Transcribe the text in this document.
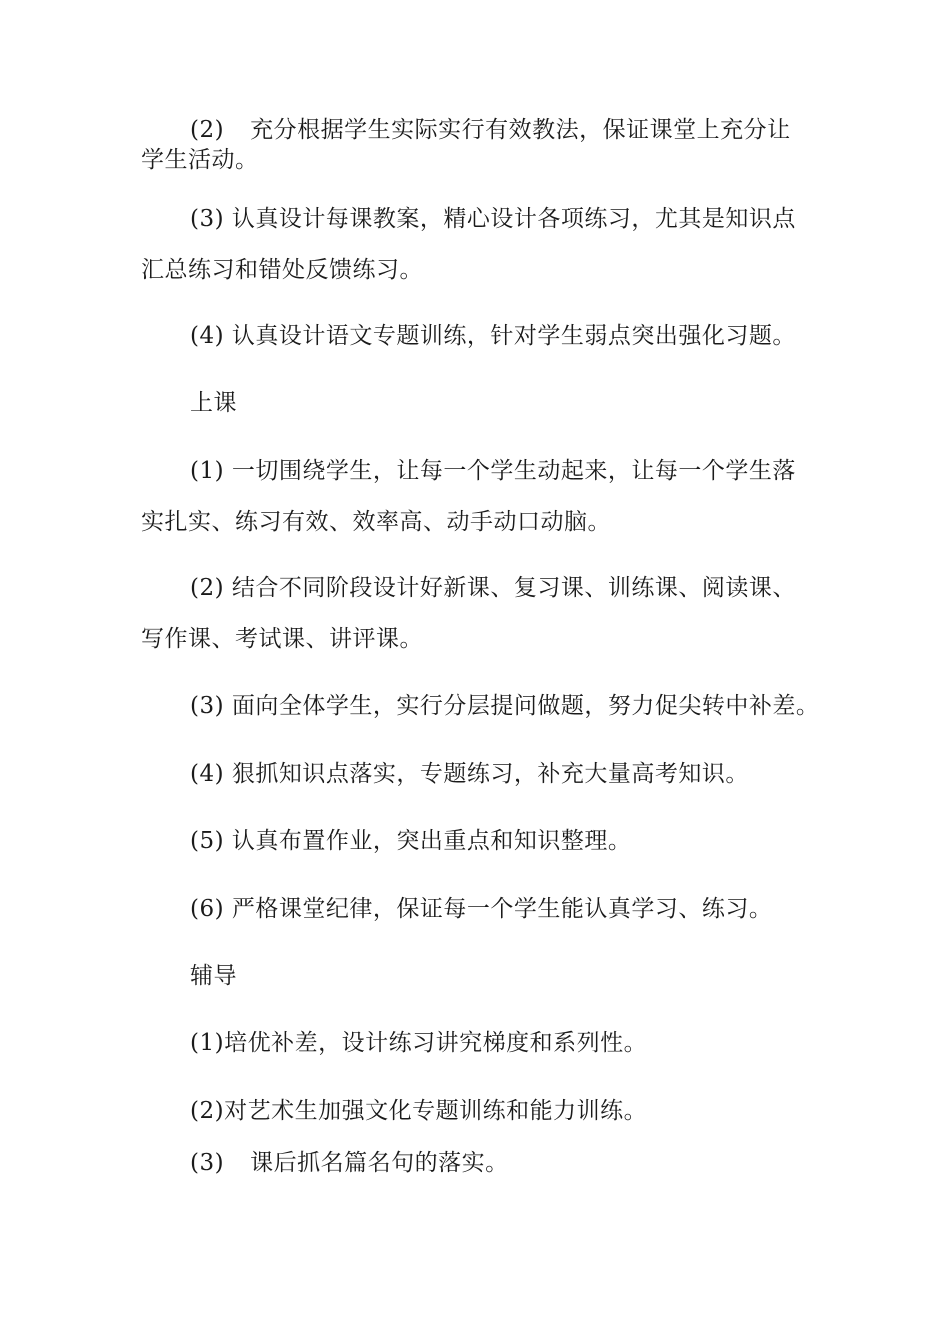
(2) 充分根据学生实际实行有效教法，保证课堂上充分让
学生活动。
(3) 认真设计每课教案，精心设计各项练习，尤其是知识点
汇总练习和错处反馈练习。
(4) 认真设计语文专题训练，针对学生弱点突出强化习题。
上课
(1) 一切围绕学生，让每一个学生动起来，让每一个学生落
实扎实、练习有效、效率高、动手动口动脑。
(2) 结合不同阶段设计好新课、复习课、训练课、阅读课、
写作课、考试课、讲评课。
(3) 面向全体学生，实行分层提问做题，努力促尖转中补差。
(4) 狠抓知识点落实，专题练习，补充大量高考知识。
(5) 认真布置作业，突出重点和知识整理。
(6) 严格课堂纪律，保证每一个学生能认真学习、练习。
辅导
(1)培优补差，设计练习讲究梯度和系列性。
(2)对艺术生加强文化专题训练和能力训练。
(3) 课后抓名篇名句的落实。
